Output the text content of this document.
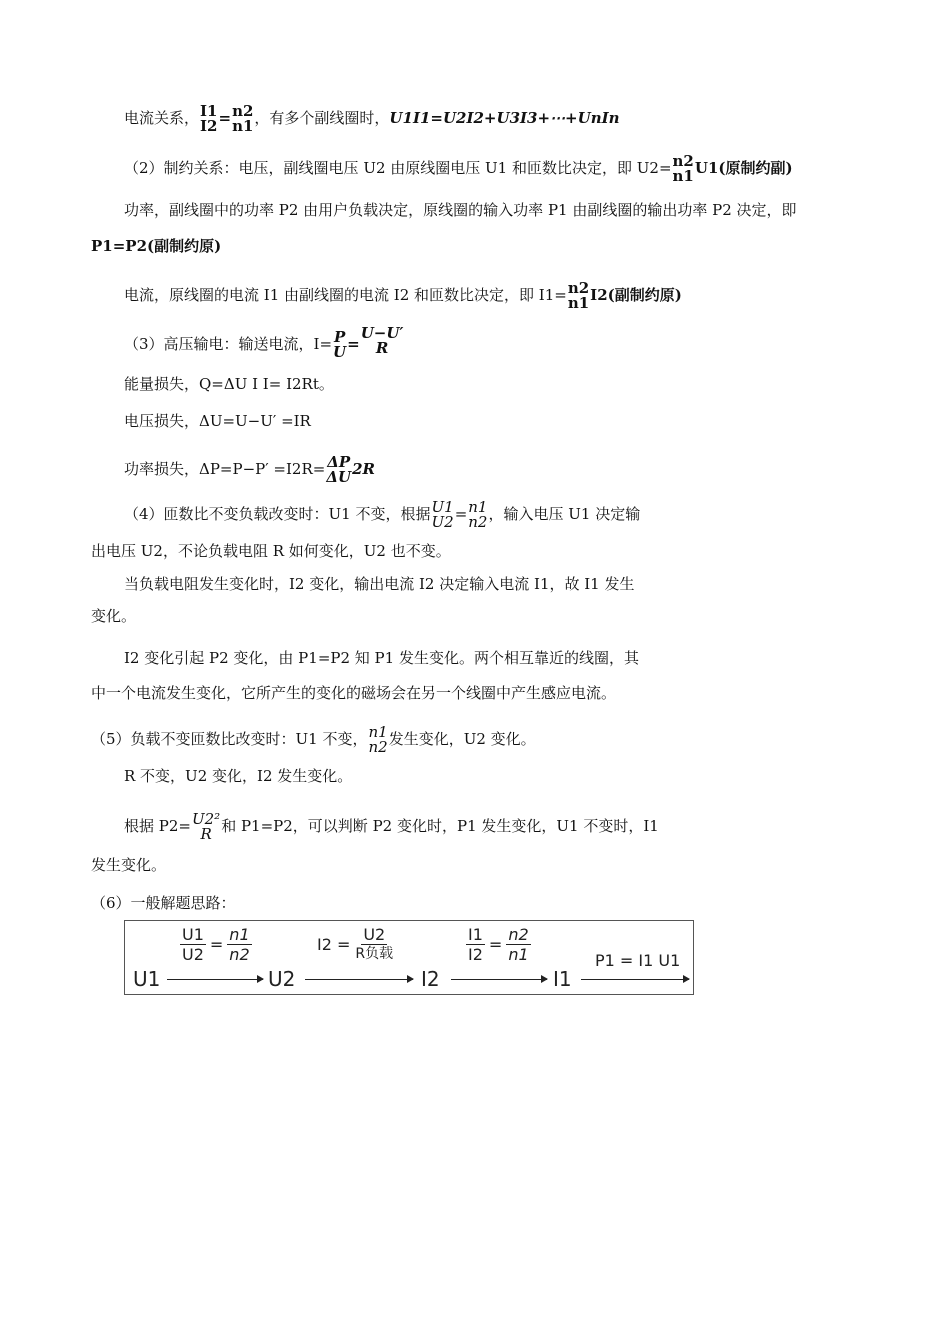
电流关系， I1
I2 = n2
n1 ，有多个副线圈时，U1I1=U2I2+U3I3+⋯+UnIn
（2）制约关系：电压，副线圈电压 U2 由原线圈电压 U1 和匝数比决定，即 U2= n2
n1 U1(原制约副)
功率，副线圈中的功率 P2 由用户负载决定，原线圈的输入功率 P1 由副线圈的输出功率 P2 决定，即
P1=P2(副制约原)
电流，原线圈的电流 I1 由副线圈的电流 I2 和匝数比决定，即 I1= n2
n1 I2(副制约原)
（3）高压输电：输送电流，I= P
U =
U−U′
R
能量损失，Q=ΔU I I= I2Rt。
电压损失，ΔU=U−U′ =IR
功率损失，ΔP=P−P′ =I2R= ΔP
ΔU 2R
（4）匝数比不变负载改变时：U1 不变，根据 U1
U2 = n1
n2 ，输入电压 U1 决定输
出电压 U2，不论负载电阻 R 如何变化，U2 也不变。
当负载电阻发生变化时，I2 变化，输出电流 I2 决定输入电流 I1，故 I1 发生
变化。
I2 变化引起 P2 变化，由 P1=P2 知 P1 发生变化。两个相互靠近的线圈，其
中一个电流发生变化，它所产生的变化的磁场会在另一个线圈中产生感应电流。
（5）负载不变匝数比改变时：U1 不变， n1
n2 发生变化，U2 变化。
R 不变，U2 变化，I2 发生变化。
根据 P2= U2²
R 和 P1=P2，可以判断 P2 变化时，P1 发生变化，U1 不变时，I1
发生变化。
（6）一般解题思路：
U1
$\frac{U1}{U2} = \frac{n1}{n2}$
U2
$I2 = \frac{U2}{\text{R负载}}$
I2
$\frac{I1}{I2} = \frac{n2}{n1}$
I1
P1 = I1 U1
